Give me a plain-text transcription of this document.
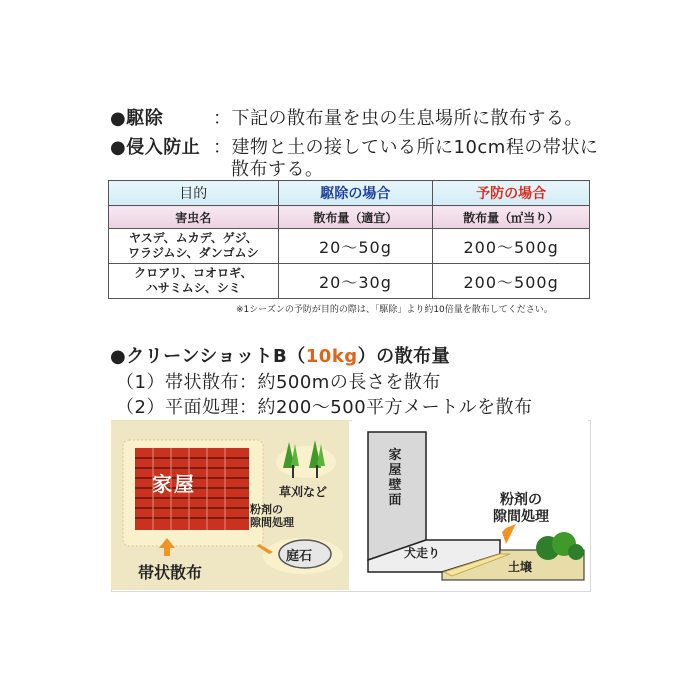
●駆除	：下記の散布量を虫の生息場所に散布する。
●侵入防止 ：建物と土の接している所に10cm程の帯状に
散布する。
目的	駆除の場合	予防の場合
害虫名	散布量（適宜）	散布量（㎡当り）

ヤスデ、ムカデ、ゲジ、
ワラジムシ、ダンゴムシ	20〜50g	200〜500g

クロアリ、コオロギ、
ハサミムシ、シミ	20〜30g	200〜500g
※1シーズンの予防が目的の際は、「駆除」より約10倍量を散布してください。
●クリーンショットB（10kg）の散布量
（1）帯状散布：約500mの長さを散布
（2）平面処理：約200〜500平方メートルを散布
家屋	草刈など
粉剤の
隙間処理
庭石
帯状散布
家屋壁面	粉剤の
隙間処理
犬走り
土壌
